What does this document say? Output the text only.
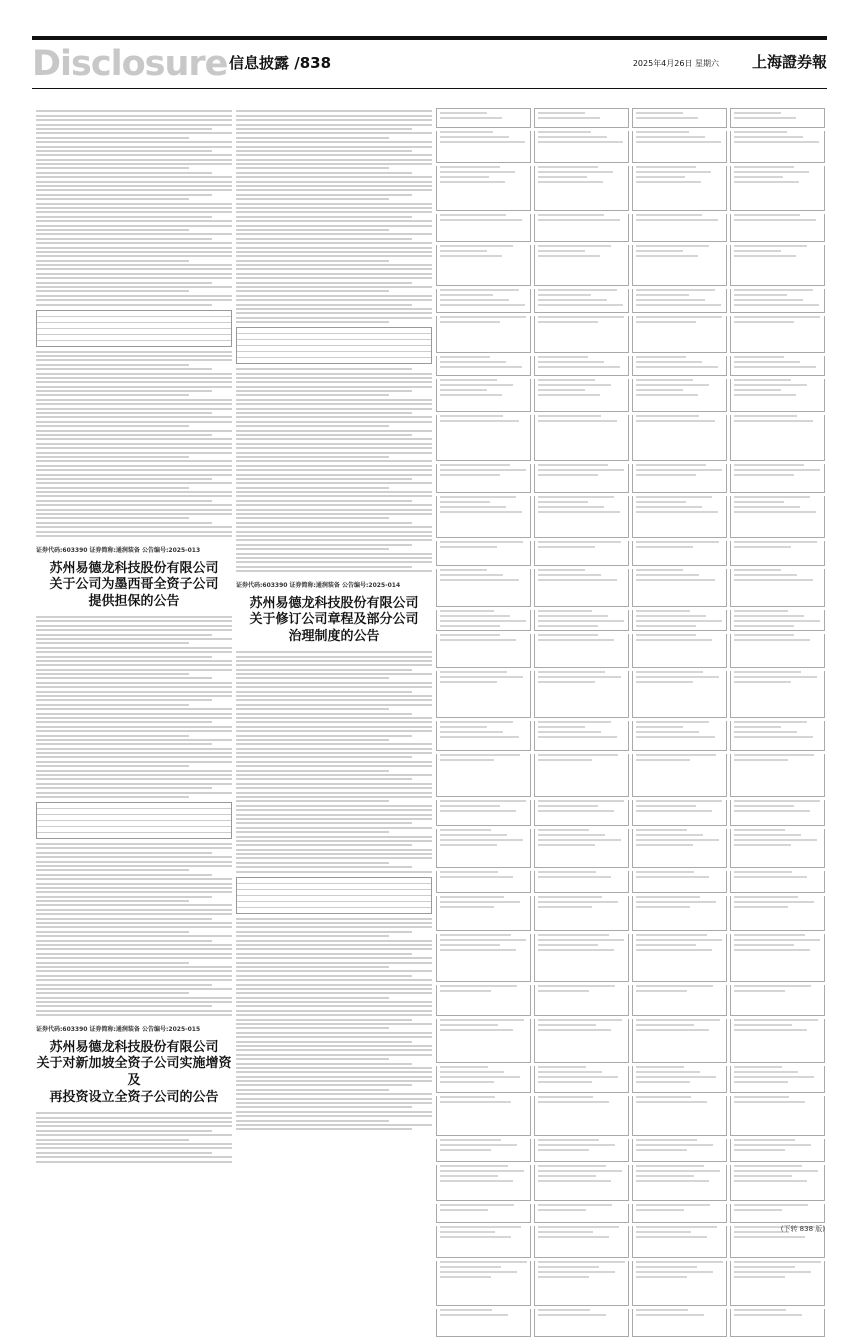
Disclosure 信息披露 /838	2025年4月26日 星期六 上海證券報
证券代码:603390 证券简称:通润装备 公告编号:2025-013
苏州易德龙科技股份有限公司
关于公司为墨西哥全资子公司
提供担保的公告
证券代码:603390 证券简称:通润装备 公告编号:2025-015
苏州易德龙科技股份有限公司
关于对新加坡全资子公司实施增资及
再投资设立全资子公司的公告
证券代码:603390 证券简称:通润装备 公告编号:2025-014
苏州易德龙科技股份有限公司
关于修订公司章程及部分公司
治理制度的公告
(下转 838 版)
